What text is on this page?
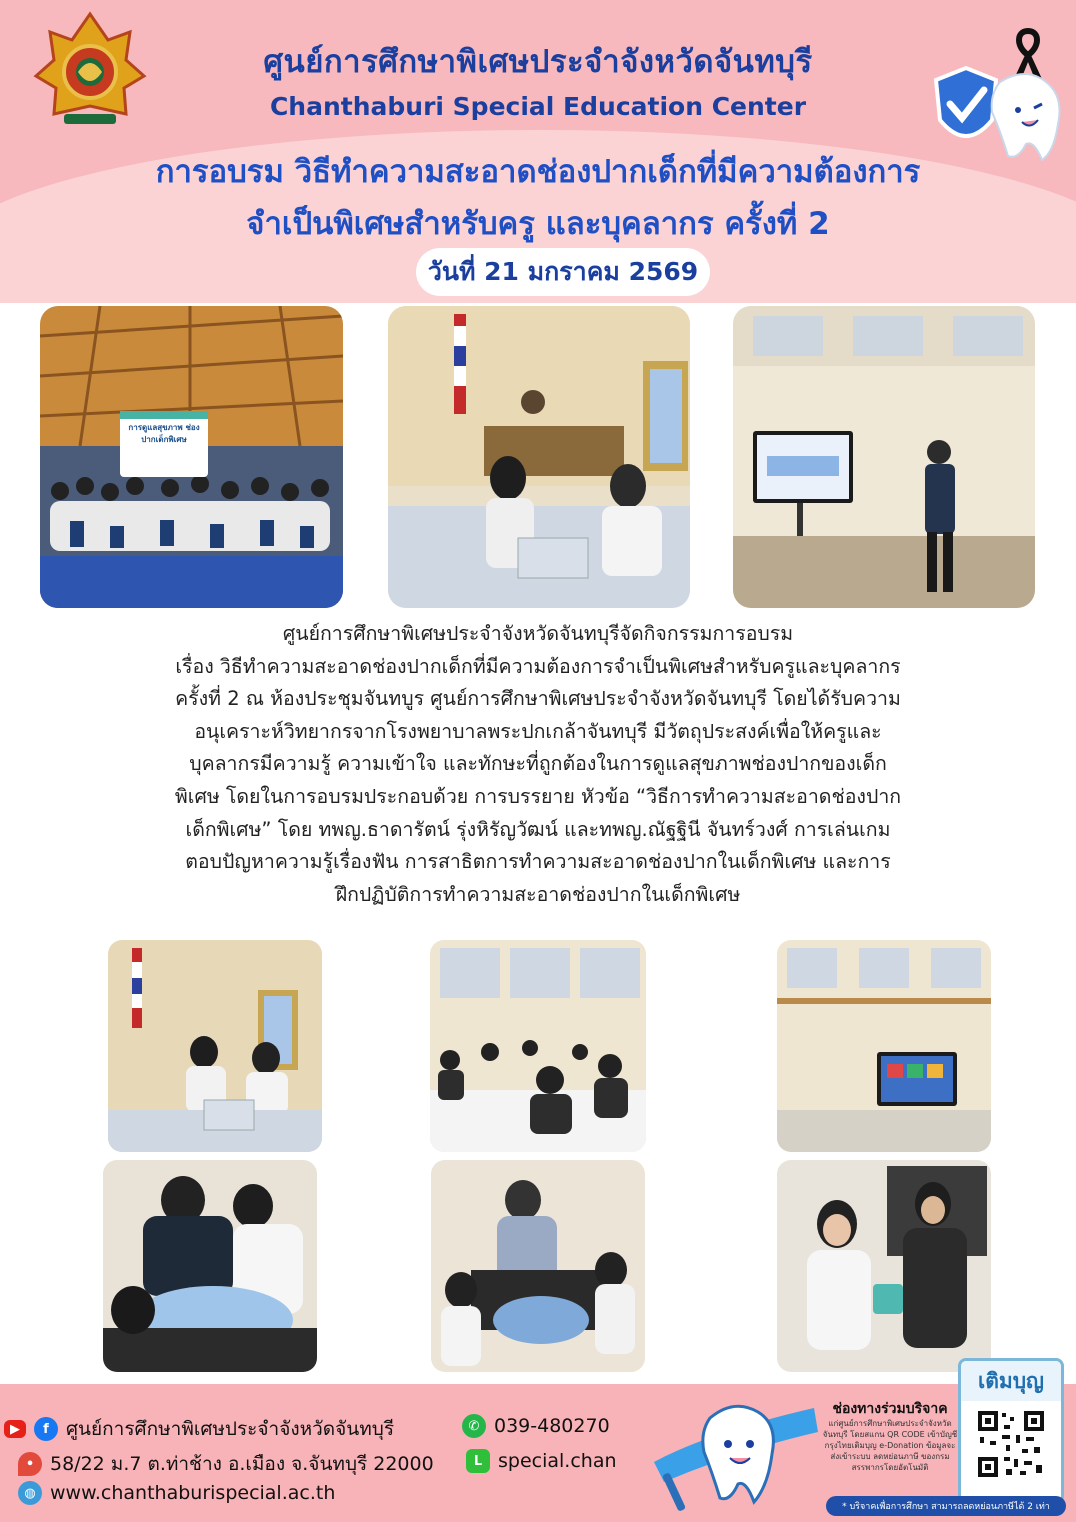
ศูนย์การศึกษาพิเศษประจำจังหวัดจันทบุรี
Chanthaburi Special Education Center
การอบรม วิธีทำความสะอาดช่องปากเด็กที่มีความต้องการ
จำเป็นพิเศษสำหรับครู และบุคลากร ครั้งที่ 2
วันที่ 21 มกราคม 2569
การดูแลสุขภาพ ช่องปากเด็กพิเศษ
ศูนย์การศึกษาพิเศษประจำจังหวัดจันทบุรีจัดกิจกรรมการอบรม
เรื่อง วิธีทำความสะอาดช่องปากเด็กที่มีความต้องการจำเป็นพิเศษสำหรับครูและบุคลากร
ครั้งที่ 2 ณ ห้องประชุมจันทบูร ศูนย์การศึกษาพิเศษประจำจังหวัดจันทบุรี โดยได้รับความ
อนุเคราะห์วิทยากรจากโรงพยาบาลพระปกเกล้าจันทบุรี มีวัตถุประสงค์เพื่อให้ครูและ
บุคลากรมีความรู้ ความเข้าใจ และทักษะที่ถูกต้องในการดูแลสุขภาพช่องปากของเด็ก
พิเศษ โดยในการอบรมประกอบด้วย การบรรยาย หัวข้อ “วิธีการทำความสะอาดช่องปาก
เด็กพิเศษ” โดย ทพญ.ธาดารัตน์ รุ่งหิรัญวัฒน์ และทพญ.ณัฐฐินี จันทร์วงศ์ การเล่นเกม
ตอบปัญหาความรู้เรื่องฟัน การสาธิตการทำความสะอาดช่องปากในเด็กพิเศษ และการ
ฝึกปฏิบัติการทำความสะอาดช่องปากในเด็กพิเศษ
▶	f ศูนย์การศึกษาพิเศษประจำจังหวัดจันทบุรี
• 58/22 ม.7 ต.ท่าช้าง อ.เมือง จ.จันทบุรี 22000
◍ www.chanthaburispecial.ac.th
✆ 039-480270
L special.chan
ช่องทางร่วมบริจาค
แก่ศูนย์การศึกษาพิเศษประจำจังหวัดจันทบุรี โดยสแกน QR CODE เข้าบัญชี กรุงไทยเติมบุญ e-Donation ข้อมูลจะส่งเข้าระบบ ลดหย่อนภาษี ของกรมสรรพากรโดยอัตโนมัติ
เติมบุญ
* บริจาคเพื่อการศึกษา สามารถลดหย่อนภาษีได้ 2 เท่า
